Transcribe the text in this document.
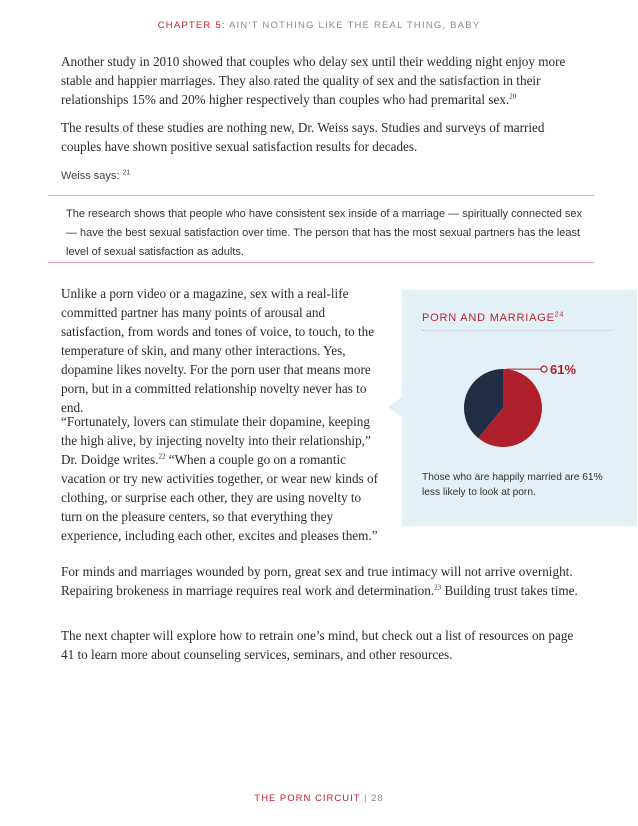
CHAPTER 5: AIN’T NOTHING LIKE THE REAL THING, BABY

Another study in 2010 showed that couples who delay sex until their wedding night enjoy more stable and happier marriages. They also rated the quality of sex and the satisfaction in their relationships 15% and 20% higher respectively than couples who had premarital sex.$^{20}$

The results of these studies are nothing new, Dr. Weiss says. Studies and surveys of married couples have shown positive sexual satisfaction results for decades.

Weiss says: $^{21}$

The research shows that people who have consistent sex inside of a marriage — spiritually connected sex — have the best sexual satisfaction over time. The person that has the most sexual partners has the least level of sexual satisfaction as adults.

Unlike a porn video or a magazine, sex with a real-life committed partner has many points of arousal and satisfaction, from words and tones of voice, to touch, to the temperature of skin, and many other interactions. Yes, dopamine likes novelty. For the porn user that means more porn, but in a committed relationship novelty never has to end.

“Fortunately, lovers can stimulate their dopamine, keeping the high alive, by injecting novelty into their relationship,” Dr. Doidge writes.$^{22}$ “When a couple go on a romantic vacation or try new activities together, or wear new kinds of clothing, or surprise each other, they are using novelty to turn on the pleasure centers, so that everything they experience, including each other, excites and pleases them.”

PORN AND MARRIAGE$^{24}$
61%

Those who are happily married are 61% less likely to look at porn.

For minds and marriages wounded by porn, great sex and true intimacy will not arrive overnight. Repairing brokeness in marriage requires real work and determination.$^{23}$ Building trust takes time.

The next chapter will explore how to retrain one’s mind, but check out a list of resources on page 41 to learn more about counseling services, seminars, and other resources.

THE PORN CIRCUIT | 28
